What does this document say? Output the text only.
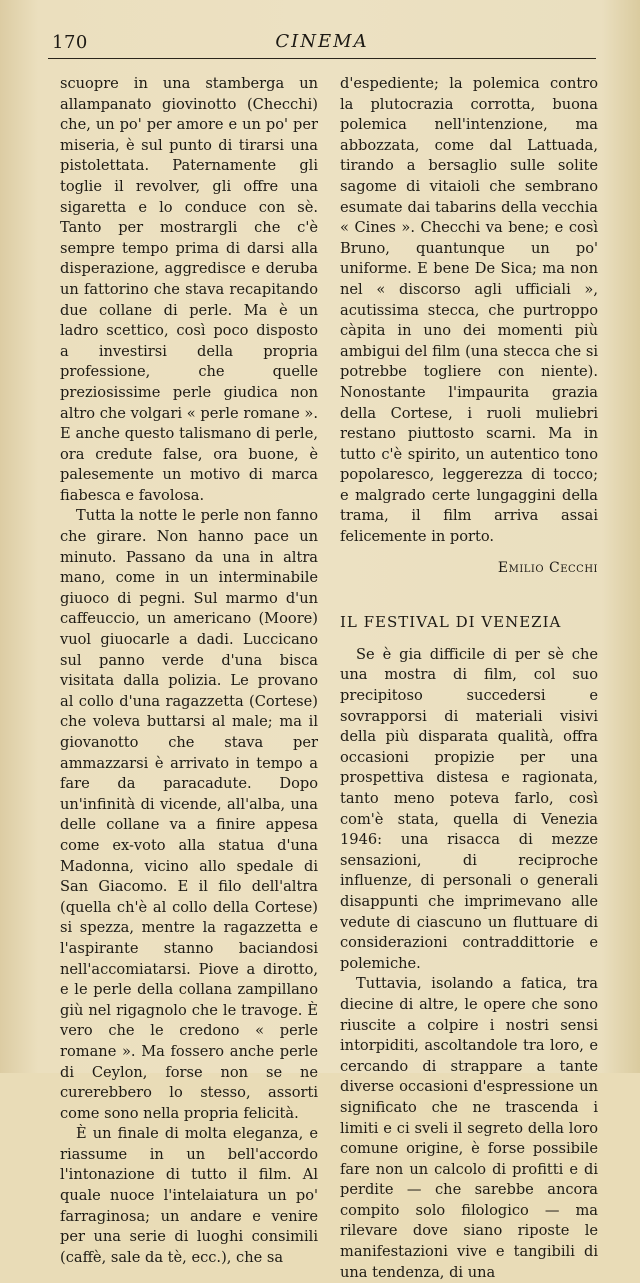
170	CINEMA

scuopre in una stamberga un allampanato giovinotto (Checchi) che, un po' per amore e un po' per miseria, è sul punto di tirarsi una pistolettata. Paternamente gli toglie il revolver, gli offre una sigaretta e lo conduce con sè. Tanto per mostrargli che c'è sempre tempo prima di darsi alla disperazione, aggredisce e deruba un fattorino che stava recapitando due collane di perle. Ma è un ladro scettico, così poco disposto a investirsi della propria professione, che quelle preziosissime perle giudica non altro che volgari « perle romane ». E anche questo talismano di perle, ora credute false, ora buone, è palesemente un motivo di marca fiabesca e favolosa.

Tutta la notte le perle non fanno che girare. Non hanno pace un minuto. Passano da una in altra mano, come in un interminabile giuoco di pegni. Sul marmo d'un caffeuccio, un americano (Moore) vuol giuocarle a dadi. Luccicano sul panno verde d'una bisca visitata dalla polizia. Le provano al collo d'una ragazzetta (Cortese) che voleva buttarsi al male; ma il giovanotto che stava per ammazzarsi è arrivato in tempo a fare da paracadute. Dopo un'infinità di vicende, all'alba, una delle collane va a finire appesa come ex-voto alla statua d'una Madonna, vicino allo spedale di San Giacomo. E il filo dell'altra (quella ch'è al collo della Cortese) si spezza, mentre la ragazzetta e l'aspirante stanno baciandosi nell'accomiatarsi. Piove a dirotto, e le perle della collana zampillano giù nel rigagnolo che le travoge. È vero che le credono « perle romane ». Ma fossero anche perle di Ceylon, forse non se ne curerebbero lo stesso, assorti come sono nella propria felicità.

È un finale di molta eleganza, e riassume in un bell'accordo l'intonazione di tutto il film. Al quale nuoce l'intelaiatura un po' farraginosa; un andare e venire per una serie di luoghi consimili (caffè, sale da tè, ecc.), che sa

d'espediente; la polemica contro la plutocrazia corrotta, buona polemica nell'intenzione, ma abbozzata, come dal Lattuada, tirando a bersaglio sulle solite sagome di vitaioli che sembrano esumate dai tabarins della vecchia « Cines ». Checchi va bene; e così Bruno, quantunque un po' uniforme. E bene De Sica; ma non nel « discorso agli ufficiali », acutissima stecca, che purtroppo càpita in uno dei momenti più ambigui del film (una stecca che si potrebbe togliere con niente). Nonostante l'impaurita grazia della Cortese, i ruoli muliebri restano piuttosto scarni. Ma in tutto c'è spirito, un autentico tono popolaresco, leggerezza di tocco; e malgrado certe lungaggini della trama, il film arriva assai felicemente in porto.

Emilio Cecchi
IL FESTIVAL DI VENEZIA

Se è gia difficile di per sè che una mostra di film, col suo precipitoso succedersi e sovrapporsi di materiali visivi della più disparata qualità, offra occasioni propizie per una prospettiva distesa e ragionata, tanto meno poteva farlo, così com'è stata, quella di Venezia 1946: una risacca di mezze sensazioni, di reciproche influenze, di personali o generali disappunti che imprimevano alle vedute di ciascuno un fluttuare di considerazioni contraddittorie e polemiche.

Tuttavia, isolando a fatica, tra diecine di altre, le opere che sono riuscite a colpire i nostri sensi intorpiditi, ascoltandole tra loro, e cercando di strappare a tante diverse occasioni d'espressione un significato che ne trascenda i limiti e ci sveli il segreto della loro comune origine, è forse possibile fare non un calcolo di profitti e di perdite — che sarebbe ancora compito solo filologico — ma rilevare dove siano riposte le manifestazioni vive e tangibili di una tendenza, di una
